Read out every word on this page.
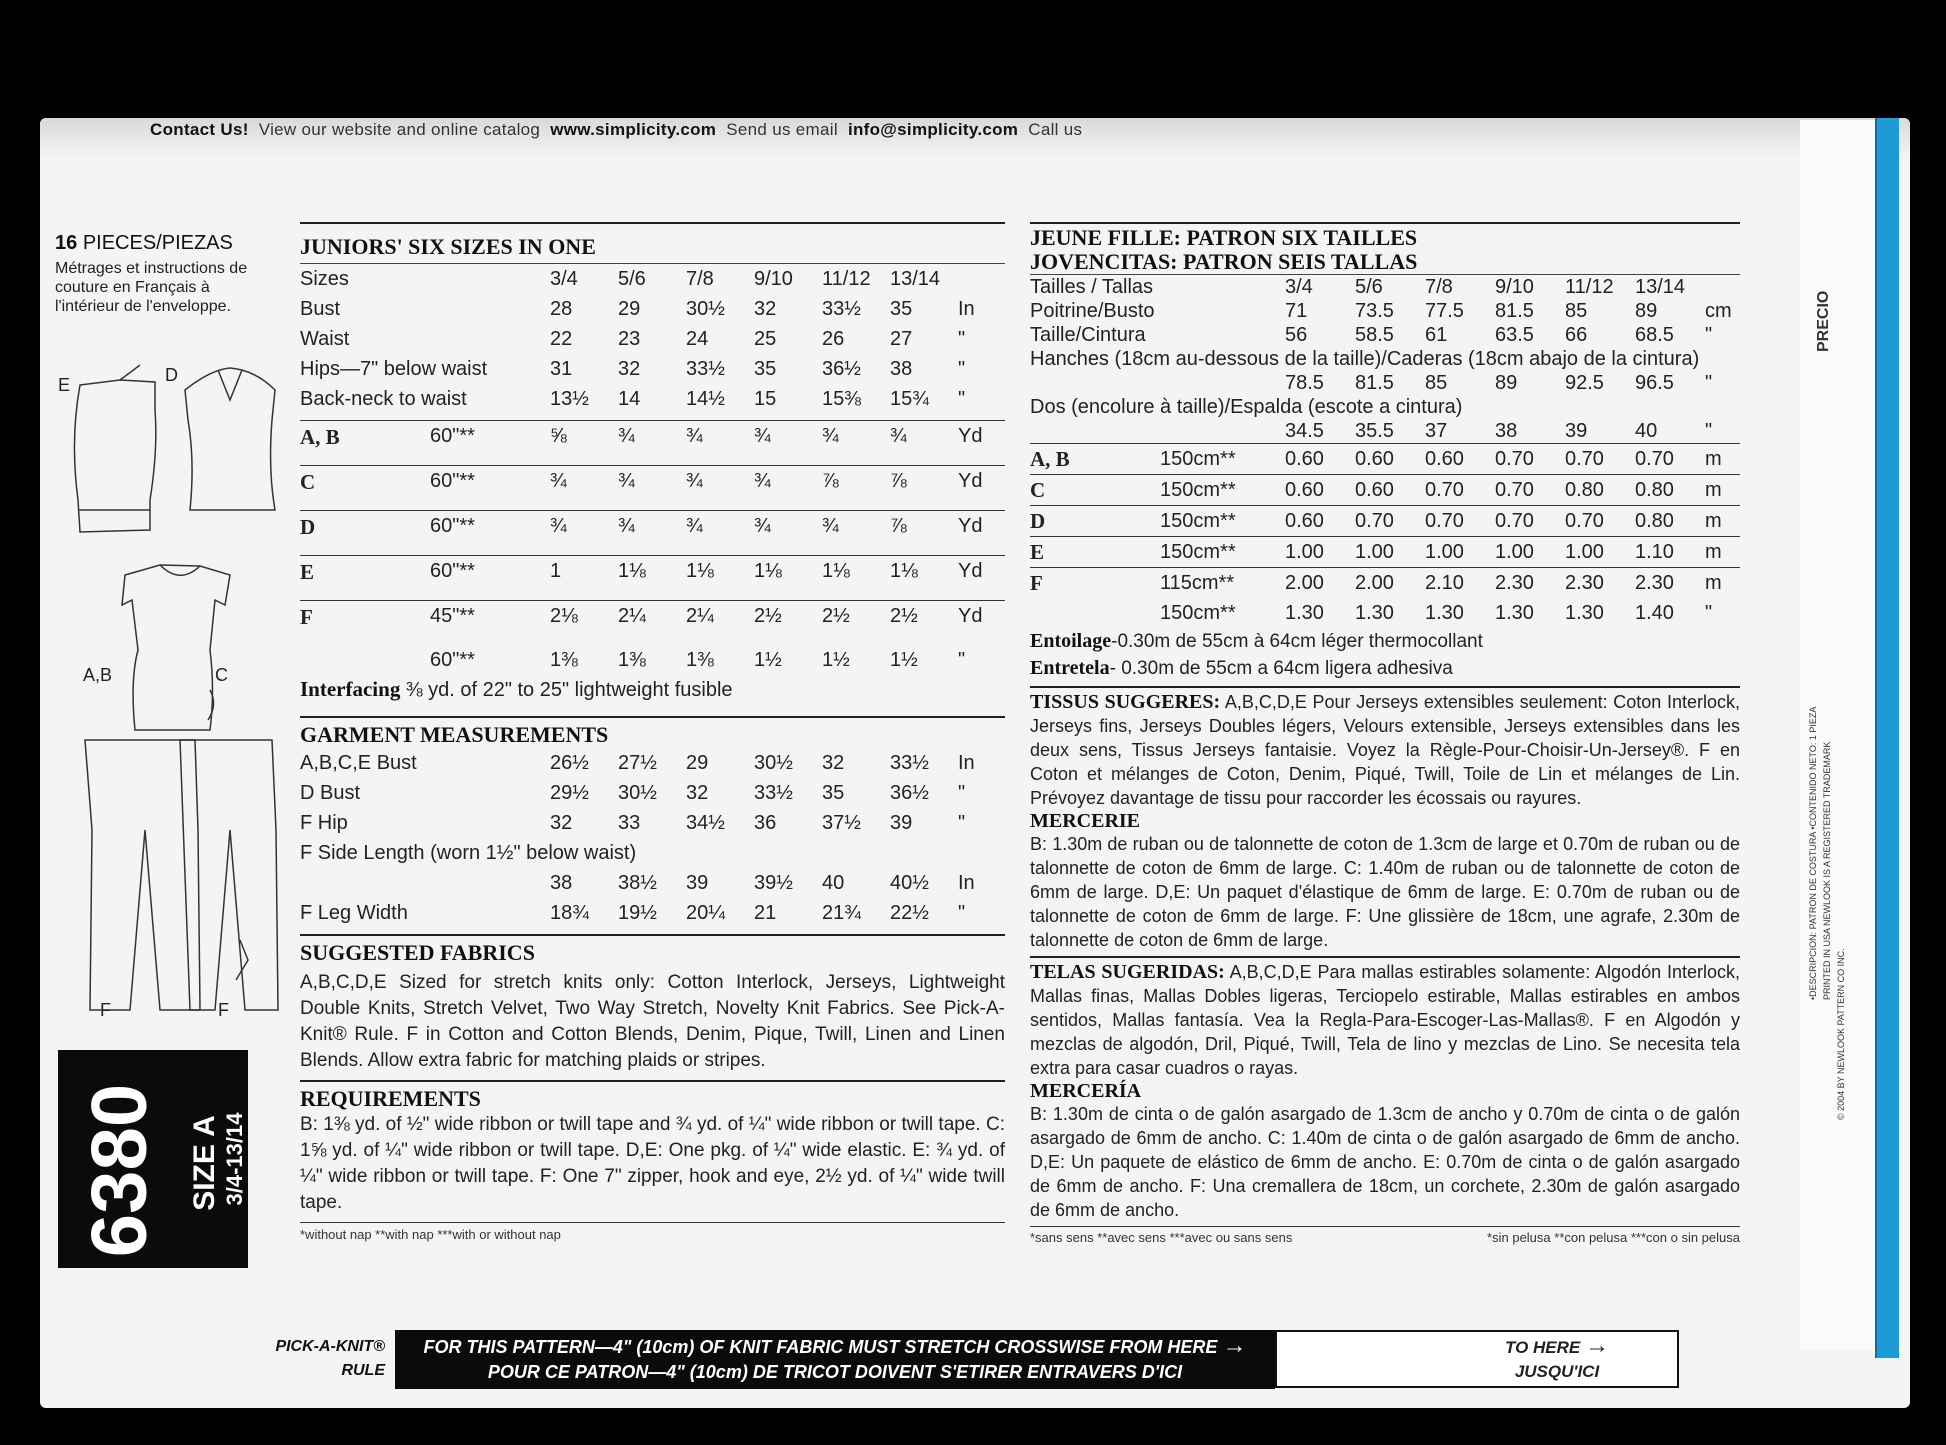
PRECIO
•DESCRIPCION: PATRON DE COSTURA •CONTENIDO NETO: 1 PIEZA PRINTED IN USA NEWLOOK IS A REGISTERED TRADEMARK
© 2004 BY NEWLOOK PATTERN CO INC.
Contact Us! View our website and online catalog www.simplicity.com Send us email info@simplicity.com Call us
16 PIECES/PIEZAS
Métrages et instructions de couture en Français à l'intérieur de l'enveloppe.
E	D
A,B	C
F	F
6380 SIZE A 3/4-13/14
JUNIORS' SIX SIZES IN ONE
Sizes	3/4	5/6	7/8	9/10	11/12	13/14	
Bust	28	29	30½	32	33½	35	In
Waist	22	23	24	25	26	27	"
Hips—7" below waist	31	32	33½	35	36½	38	"
Back-neck to waist	13½	14	14½	15	15⅜	15¾	"
A, B	60"**	⅝	¾	¾	¾	¾	¾	Yd
C	60"**	¾	¾	¾	¾	⅞	⅞	Yd
D	60"**	¾	¾	¾	¾	¾	⅞	Yd
E	60"**	1	1⅛	1⅛	1⅛	1⅛	1⅛	Yd
F	45"**	2⅛	2¼	2¼	2½	2½	2½	Yd
	60"**	1⅜	1⅜	1⅜	1½	1½	1½	"
Interfacing ⅜ yd. of 22" to 25" lightweight fusible
GARMENT MEASUREMENTS
A,B,C,E Bust	26½	27½	29	30½	32	33½	In
D Bust	29½	30½	32	33½	35	36½	"
F Hip	32	33	34½	36	37½	39	"
F Side Length (worn 1½" below waist)							
	38	38½	39	39½	40	40½	In
F Leg Width	18¾	19½	20¼	21	21¾	22½	"
SUGGESTED FABRICS
A,B,C,D,E Sized for stretch knits only: Cotton Interlock, Jerseys, Lightweight Double Knits, Stretch Velvet, Two Way Stretch, Novelty Knit Fabrics. See Pick-A-Knit® Rule. F in Cotton and Cotton Blends, Denim, Pique, Twill, Linen and Linen Blends. Allow extra fabric for matching plaids or stripes.
REQUIREMENTS
B: 1⅜ yd. of ½" wide ribbon or twill tape and ¾ yd. of ¼" wide ribbon or twill tape. C: 1⅝ yd. of ¼" wide ribbon or twill tape. D,E: One pkg. of ¼" wide elastic. E: ¾ yd. of ¼" wide ribbon or twill tape. F: One 7" zipper, hook and eye, 2½ yd. of ¼" wide twill tape.
*without nap **with nap ***with or without nap
JEUNE FILLE: PATRON SIX TAILLES
JOVENCITAS: PATRON SEIS TALLAS
Tailles / Tallas	3/4	5/6	7/8	9/10	11/12	13/14	
Poitrine/Busto	71	73.5	77.5	81.5	85	89	cm
Taille/Cintura	56	58.5	61	63.5	66	68.5	"
Hanches (18cm au-dessous de la taille)/Caderas (18cm abajo de la cintura)							
	78.5	81.5	85	89	92.5	96.5	"
Dos (encolure à taille)/Espalda (escote a cintura)							
	34.5	35.5	37	38	39	40	"
A, B	150cm**	0.60	0.60	0.60	0.70	0.70	0.70	m
C	150cm**	0.60	0.60	0.70	0.70	0.80	0.80	m
D	150cm**	0.60	0.70	0.70	0.70	0.70	0.80	m
E	150cm**	1.00	1.00	1.00	1.00	1.00	1.10	m
F	115cm**	2.00	2.00	2.10	2.30	2.30	2.30	m
	150cm**	1.30	1.30	1.30	1.30	1.30	1.40	"
Entoilage-0.30m de 55cm à 64cm léger thermocollant
Entretela- 0.30m de 55cm a 64cm ligera adhesiva
TISSUS SUGGERES: A,B,C,D,E Pour Jerseys extensibles seulement: Coton Interlock, Jerseys fins, Jerseys Doubles légers, Velours extensible, Jerseys extensibles dans les deux sens, Tissus Jerseys fantaisie. Voyez la Règle-Pour-Choisir-Un-Jersey®. F en Coton et mélanges de Coton, Denim, Piqué, Twill, Toile de Lin et mélanges de Lin. Prévoyez davantage de tissu pour raccorder les écossais ou rayures.
MERCERIE
B: 1.30m de ruban ou de talonnette de coton de 1.3cm de large et 0.70m de ruban ou de talonnette de coton de 6mm de large. C: 1.40m de ruban ou de talonnette de coton de 6mm de large. D,E: Un paquet d'élastique de 6mm de large. E: 0.70m de ruban ou de talonnette de coton de 6mm de large. F: Une glissière de 18cm, une agrafe, 2.30m de talonnette de coton de 6mm de large.
TELAS SUGERIDAS: A,B,C,D,E Para mallas estirables solamente: Algodón Interlock, Mallas finas, Mallas Dobles ligeras, Terciopelo estirable, Mallas estirables en ambos sentidos, Mallas fantasía. Vea la Regla-Para-Escoger-Las-Mallas®. F en Algodón y mezclas de algodón, Dril, Piqué, Twill, Tela de lino y mezclas de Lino. Se necesita tela extra para casar cuadros o rayas.
MERCERÍA
B: 1.30m de cinta o de galón asargado de 1.3cm de ancho y 0.70m de cinta o de galón asargado de 6mm de ancho. C: 1.40m de cinta o de galón asargado de 6mm de ancho. D,E: Un paquete de elástico de 6mm de ancho. E: 0.70m de cinta o de galón asargado de 6mm de ancho. F: Una cremallera de 18cm, un corchete, 2.30m de galón asargado de 6mm de ancho.
*sans sens **avec sens ***avec ou sans sens	*sin pelusa **con pelusa ***con o sin pelusa
PICK-A-KNIT®
RULE
FOR THIS PATTERN—4" (10cm) OF KNIT FABRIC MUST STRETCH CROSSWISE FROM HERE →
POUR CE PATRON—4" (10cm) DE TRICOT DOIVENT S'ETIRER ENTRAVERS D'ICI
TO HERE →
JUSQU'ICI
